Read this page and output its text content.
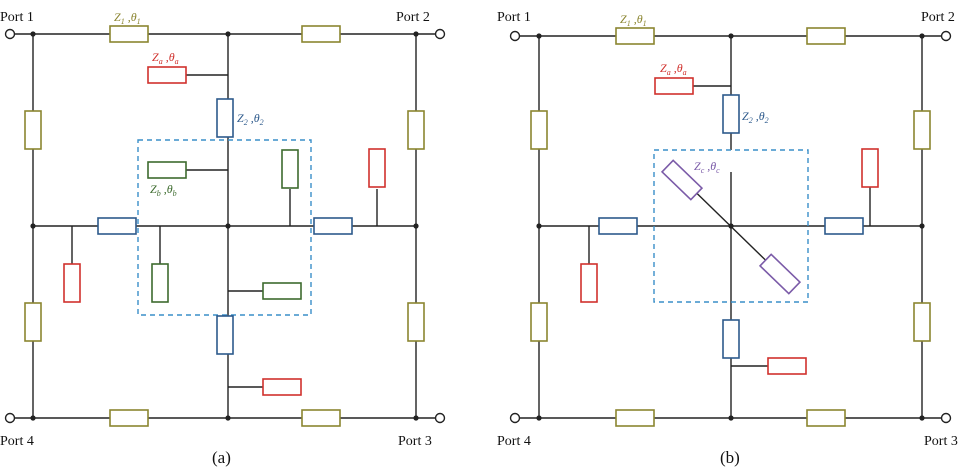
$Z_1$ $,\theta_1$
$Z_a$ $,\theta_a$
$Z_2$ $,\theta_2$
$Z_b$ $,\theta_b$
Port 1	Port 2
Port 4	Port 3
(a)
$Z_1$ $,\theta_1$
$Z_a$ $,\theta_a$
$Z_2$ $,\theta_2$
$Z_c$ $,\theta_c$
Port 1	Port 2
Port 4	Port 3
(b)
